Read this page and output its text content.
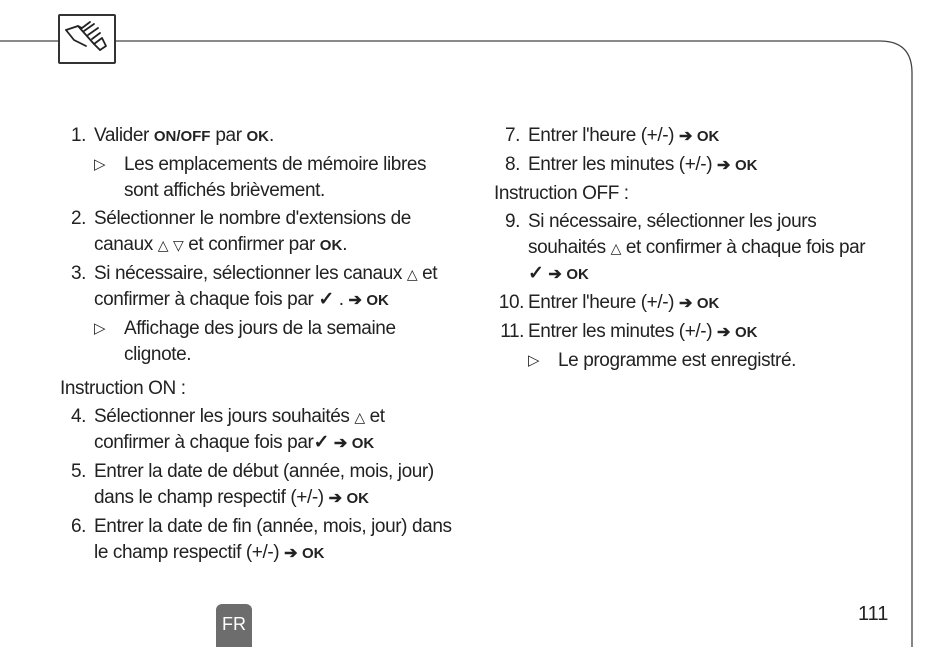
1. Valider ON/OFF par OK.
▷ Les emplacements de mémoire libres
sont affichés brièvement.
2. Sélectionner le nombre d'extensions de
canaux △ ▽ et confirmer par OK.
3. Si nécessaire, sélectionner les canaux △ et
confirmer à chaque fois par ✓ . ➔ OK
▷ Affichage des jours de la semaine
clignote.
Instruction ON :
4. Sélectionner les jours souhaités △ et
confirmer à chaque fois par✓ ➔ OK
5. Entrer la date de début (année, mois, jour)
dans le champ respectif (+/-) ➔ OK
6. Entrer la date de fin (année, mois, jour) dans
le champ respectif (+/-) ➔ OK
7. Entrer l'heure (+/-) ➔ OK
8. Entrer les minutes (+/-) ➔ OK
Instruction OFF :
9. Si nécessaire, sélectionner les jours
souhaités △ et confirmer à chaque fois par
✓ ➔ OK
10. Entrer l'heure (+/-) ➔ OK
11. Entrer les minutes (+/-) ➔ OK
▷ Le programme est enregistré.
FR	111
